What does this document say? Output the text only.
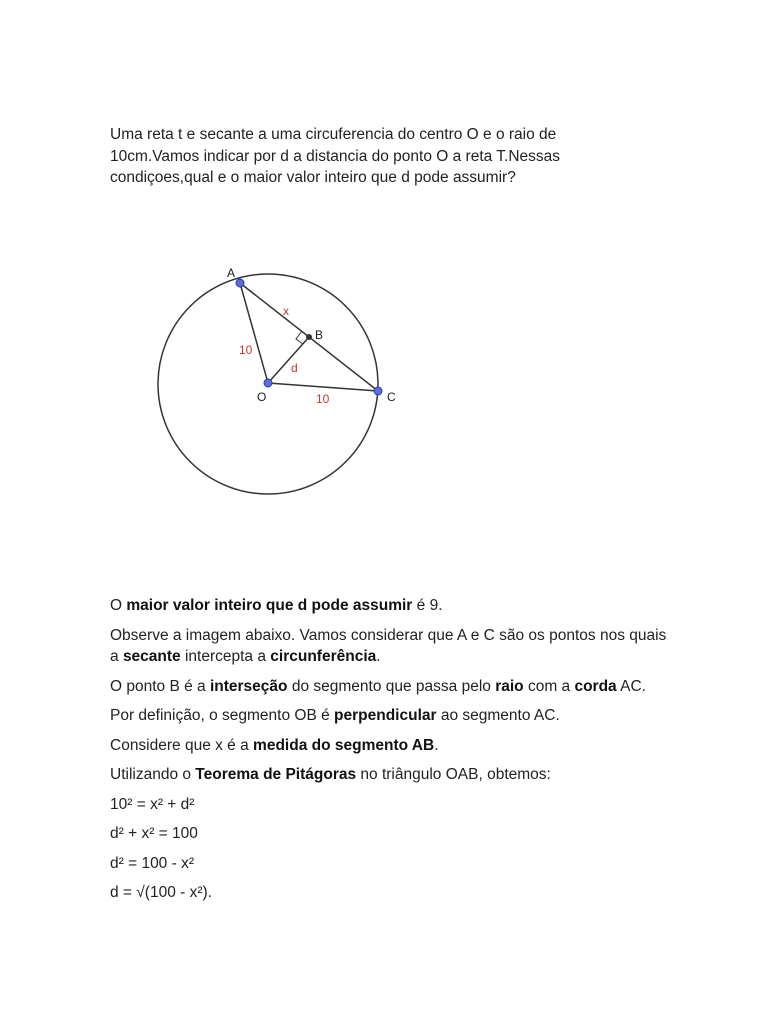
Uma reta t e secante a uma circuferencia do centro O e o raio de

10cm.Vamos indicar por d a distancia do ponto O a reta T.Nessas

condiçoes,qual e o maior valor inteiro que d pode assumir?

A
B
C
O
x
d
10
10

O maior valor inteiro que d pode assumir é 9.

Observe a imagem abaixo. Vamos considerar que A e C são os pontos nos quais a secante intercepta a circunferência.

O ponto B é a interseção do segmento que passa pelo raio com a corda AC.

Por definição, o segmento OB é perpendicular ao segmento AC.

Considere que x é a medida do segmento AB.

Utilizando o Teorema de Pitágoras no triângulo OAB, obtemos:

10² = x² + d²

d² + x² = 100

d² = 100 - x²

d = √(100 - x²).
